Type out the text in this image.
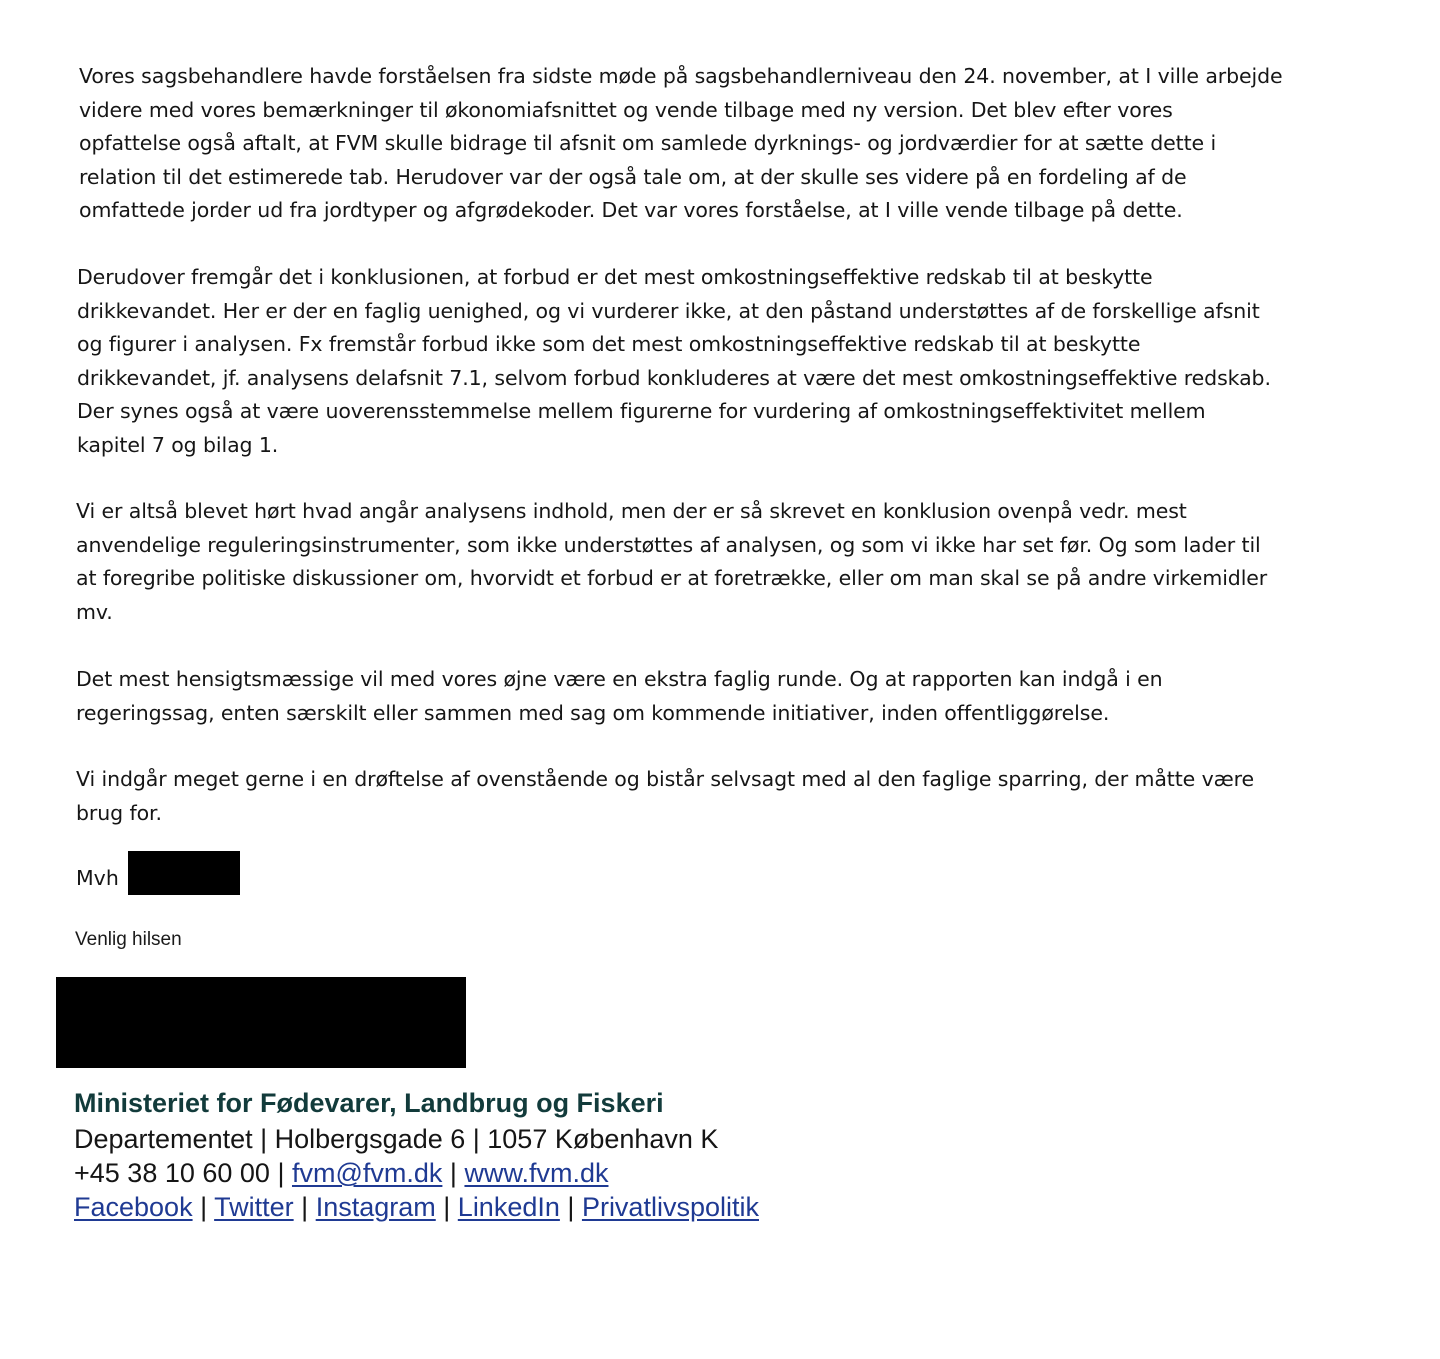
Vores sagsbehandlere havde forståelsen fra sidste møde på sagsbehandlerniveau den 24. november, at I ville arbejde
videre med vores bemærkninger til økonomiafsnittet og vende tilbage med ny version. Det blev efter vores
opfattelse også aftalt, at FVM skulle bidrage til afsnit om samlede dyrknings- og jordværdier for at sætte dette i
relation til det estimerede tab. Herudover var der også tale om, at der skulle ses videre på en fordeling af de
omfattede jorder ud fra jordtyper og afgrødekoder. Det var vores forståelse, at I ville vende tilbage på dette.

Derudover fremgår det i konklusionen, at forbud er det mest omkostningseffektive redskab til at beskytte
drikkevandet. Her er der en faglig uenighed, og vi vurderer ikke, at den påstand understøttes af de forskellige afsnit
og figurer i analysen. Fx fremstår forbud ikke som det mest omkostningseffektive redskab til at beskytte
drikkevandet, jf. analysens delafsnit 7.1, selvom forbud konkluderes at være det mest omkostningseffektive redskab.
Der synes også at være uoverensstemmelse mellem figurerne for vurdering af omkostningseffektivitet mellem
kapitel 7 og bilag 1.

Vi er altså blevet hørt hvad angår analysens indhold, men der er så skrevet en konklusion ovenpå vedr. mest
anvendelige reguleringsinstrumenter, som ikke understøttes af analysen, og som vi ikke har set før. Og som lader til
at foregribe politiske diskussioner om, hvorvidt et forbud er at foretrække, eller om man skal se på andre virkemidler
mv.

Det mest hensigtsmæssige vil med vores øjne være en ekstra faglig runde. Og at rapporten kan indgå i en
regeringssag, enten særskilt eller sammen med sag om kommende initiativer, inden offentliggørelse.

Vi indgår meget gerne i en drøftelse af ovenstående og bistår selvsagt med al den faglige sparring, der måtte være
brug for.

Mvh
Venlig hilsen
Ministeriet for Fødevarer, Landbrug og Fiskeri
Departementet | Holbergsgade 6 | 1057 København K
+45 38 10 60 00 | fvm@fvm.dk | www.fvm.dk
Facebook | Twitter | Instagram | LinkedIn | Privatlivspolitik
